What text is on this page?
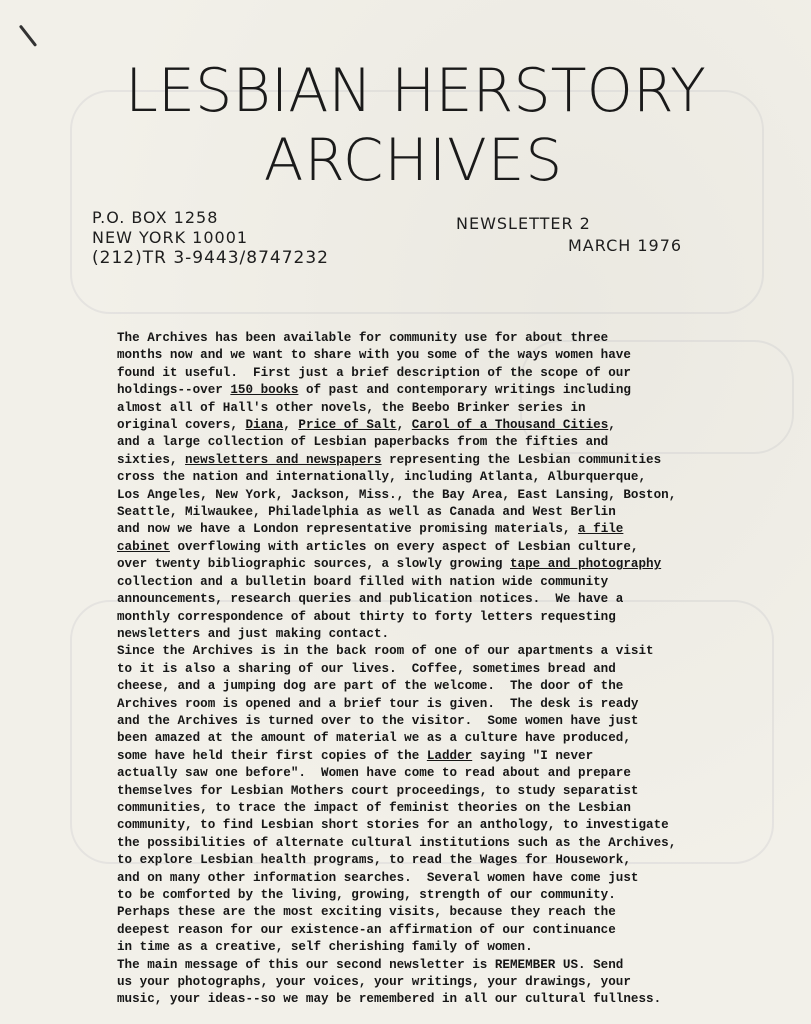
LESBIAN HERSTORY
ARCHIVES
P.O. BOX 1258
NEW YORK 10001
(212)TR 3-9443/8747232
NEWSLETTER 2
MARCH 1976
The Archives has been available for community use for about three
months now and we want to share with you some of the ways women have
found it useful.  First just a brief description of the scope of our
holdings--over 150 books of past and contemporary writings including
almost all of Hall's other novels, the Beebo Brinker series in
original covers, Diana, Price of Salt, Carol of a Thousand Cities,
and a large collection of Lesbian paperbacks from the fifties and
sixties, newsletters and newspapers representing the Lesbian communities
cross the nation and internationally, including Atlanta, Alburquerque,
Los Angeles, New York, Jackson, Miss., the Bay Area, East Lansing, Boston,
Seattle, Milwaukee, Philadelphia as well as Canada and West Berlin
and now we have a London representative promising materials, a file
cabinet overflowing with articles on every aspect of Lesbian culture,
over twenty bibliographic sources, a slowly growing tape and photography
collection and a bulletin board filled with nation wide community
announcements, research queries and publication notices.  We have a
monthly correspondence of about thirty to forty letters requesting
newsletters and just making contact.
Since the Archives is in the back room of one of our apartments a visit
to it is also a sharing of our lives.  Coffee, sometimes bread and
cheese, and a jumping dog are part of the welcome.  The door of the
Archives room is opened and a brief tour is given.  The desk is ready
and the Archives is turned over to the visitor.  Some women have just
been amazed at the amount of material we as a culture have produced,
some have held their first copies of the Ladder saying "I never
actually saw one before".  Women have come to read about and prepare
themselves for Lesbian Mothers court proceedings, to study separatist
communities, to trace the impact of feminist theories on the Lesbian
community, to find Lesbian short stories for an anthology, to investigate
the possibilities of alternate cultural institutions such as the Archives,
to explore Lesbian health programs, to read the Wages for Housework,
and on many other information searches.  Several women have come just
to be comforted by the living, growing, strength of our community.
Perhaps these are the most exciting visits, because they reach the
deepest reason for our existence-an affirmation of our continuance
in time as a creative, self cherishing family of women.
The main message of this our second newsletter is REMEMBER US. Send
us your photographs, your voices, your writings, your drawings, your
music, your ideas--so we may be remembered in all our cultural fullness.
